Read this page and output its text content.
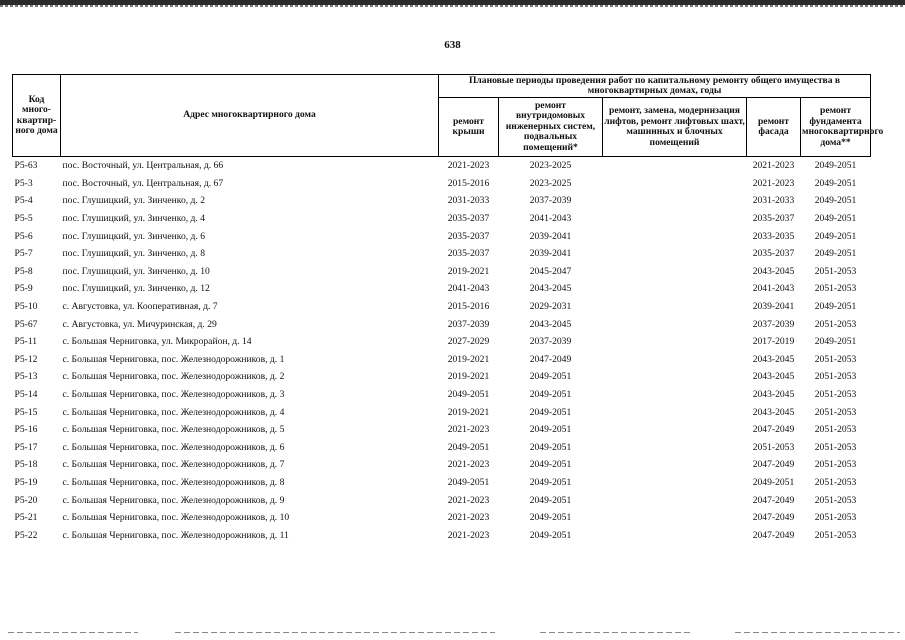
638
Код много-квартир-ного дома	Адрес многоквартирного дома	Плановые периоды проведения работ по капитальному ремонту общего имущества в многоквартирных домах, годы				
		ремонт крыши	ремонт внутридомовых инженерных систем, подвальных помещений*	ремонт, замена, модернизация лифтов, ремонт лифтовых шахт, машинных и блочных помещений	ремонт фасада	ремонт фундамента многоквартирного дома**
Р5-63	пос. Восточный, ул. Центральная, д. 66	2021-2023	2023-2025		2021-2023	2049-2051
Р5-3	пос. Восточный, ул. Центральная, д. 67	2015-2016	2023-2025		2021-2023	2049-2051
Р5-4	пос. Глушицкий, ул. Зинченко, д. 2	2031-2033	2037-2039		2031-2033	2049-2051
Р5-5	пос. Глушицкий, ул. Зинченко, д. 4	2035-2037	2041-2043		2035-2037	2049-2051
Р5-6	пос. Глушицкий, ул. Зинченко, д. 6	2035-2037	2039-2041		2033-2035	2049-2051
Р5-7	пос. Глушицкий, ул. Зинченко, д. 8	2035-2037	2039-2041		2035-2037	2049-2051
Р5-8	пос. Глушицкий, ул. Зинченко, д. 10	2019-2021	2045-2047		2043-2045	2051-2053
Р5-9	пос. Глушицкий, ул. Зинченко, д. 12	2041-2043	2043-2045		2041-2043	2051-2053
Р5-10	с. Августовка, ул. Кооперативная, д. 7	2015-2016	2029-2031		2039-2041	2049-2051
Р5-67	с. Августовка, ул. Мичуринская, д. 29	2037-2039	2043-2045		2037-2039	2051-2053
Р5-11	с. Большая Черниговка, ул. Микрорайон, д. 14	2027-2029	2037-2039		2017-2019	2049-2051
Р5-12	с. Большая Черниговка, пос. Железнодорожников, д. 1	2019-2021	2047-2049		2043-2045	2051-2053
Р5-13	с. Большая Черниговка, пос. Железнодорожников, д. 2	2019-2021	2049-2051		2043-2045	2051-2053
Р5-14	с. Большая Черниговка, пос. Железнодорожников, д. 3	2049-2051	2049-2051		2043-2045	2051-2053
Р5-15	с. Большая Черниговка, пос. Железнодорожников, д. 4	2019-2021	2049-2051		2043-2045	2051-2053
Р5-16	с. Большая Черниговка, пос. Железнодорожников, д. 5	2021-2023	2049-2051		2047-2049	2051-2053
Р5-17	с. Большая Черниговка, пос. Железнодорожников, д. 6	2049-2051	2049-2051		2051-2053	2051-2053
Р5-18	с. Большая Черниговка, пос. Железнодорожников, д. 7	2021-2023	2049-2051		2047-2049	2051-2053
Р5-19	с. Большая Черниговка, пос. Железнодорожников, д. 8	2049-2051	2049-2051		2049-2051	2051-2053
Р5-20	с. Большая Черниговка, пос. Железнодорожников, д. 9	2021-2023	2049-2051		2047-2049	2051-2053
Р5-21	с. Большая Черниговка, пос. Железнодорожников, д. 10	2021-2023	2049-2051		2047-2049	2051-2053
Р5-22	с. Большая Черниговка, пос. Железнодорожников, д. 11	2021-2023	2049-2051		2047-2049	2051-2053
